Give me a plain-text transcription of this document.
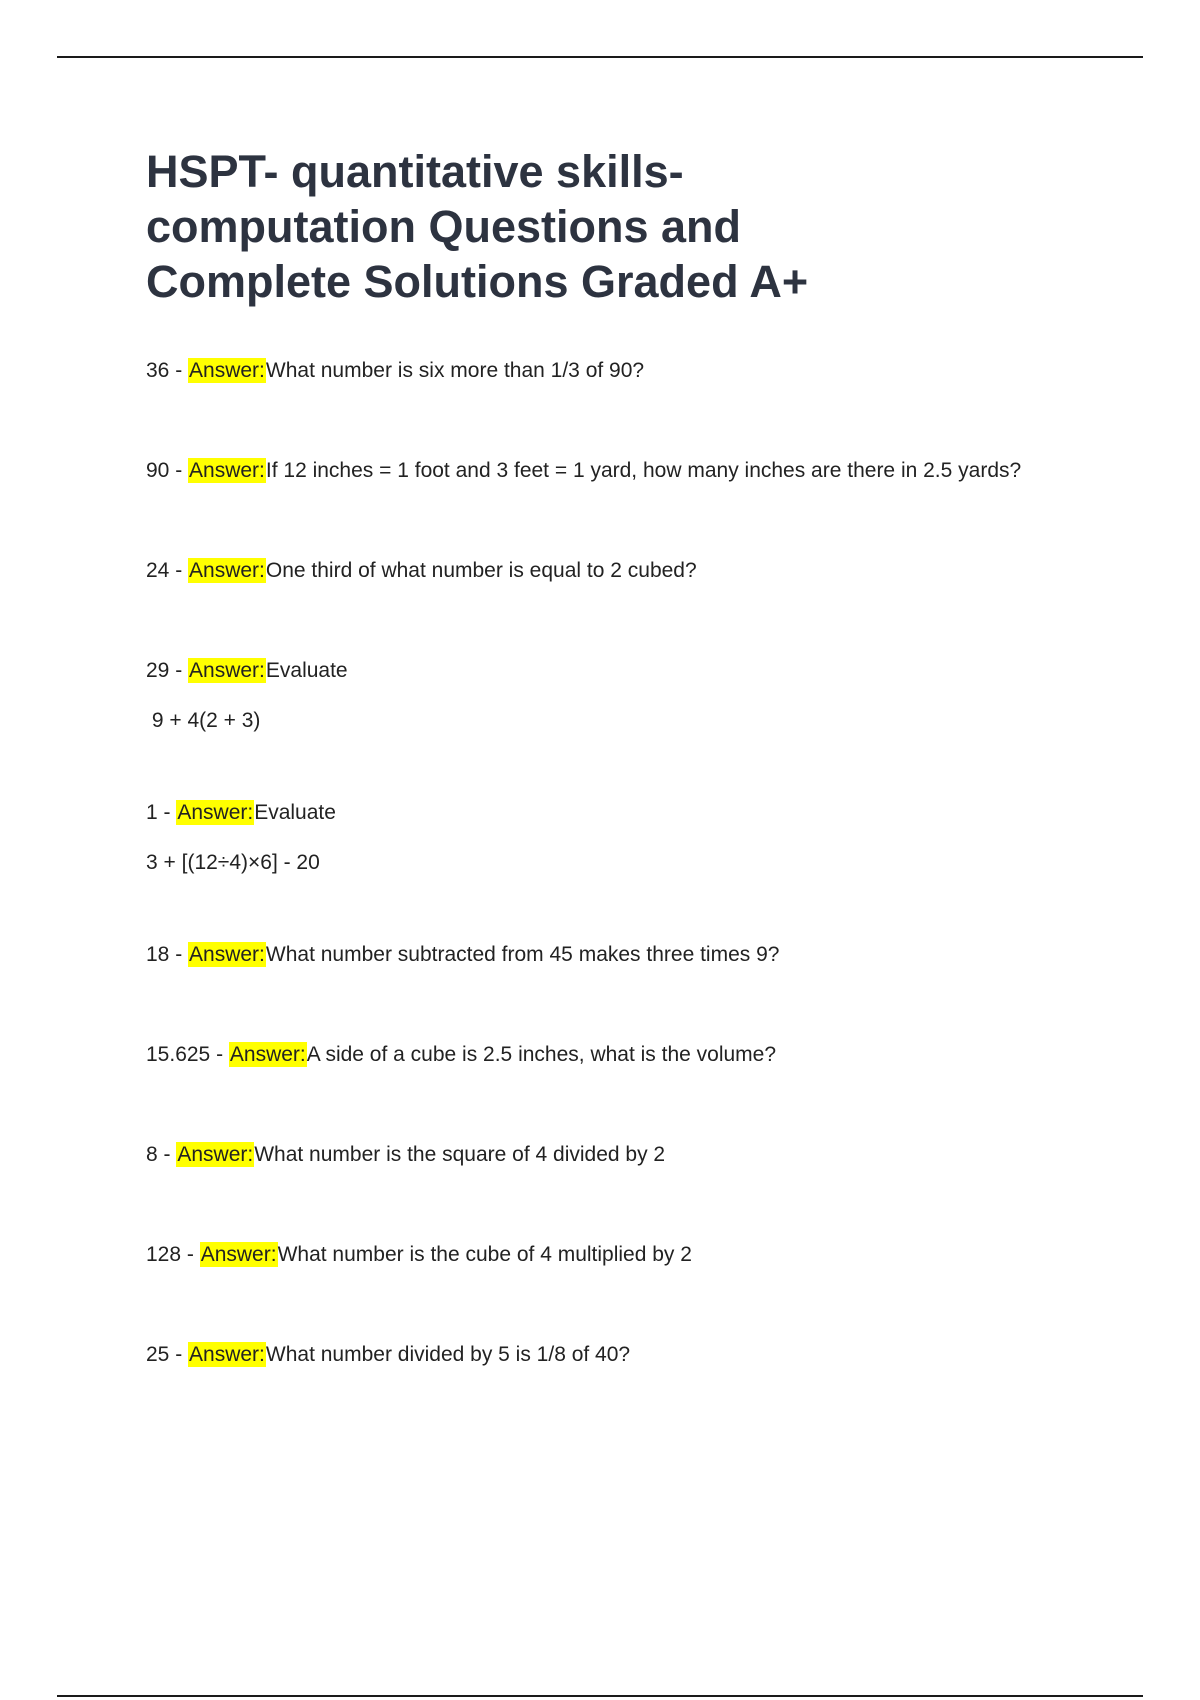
HSPT- quantitative skills- computation Questions and Complete Solutions Graded A+
36 - Answer:What number is six more than 1/3 of 90?
90 - Answer:If 12 inches = 1 foot and 3 feet = 1 yard, how many inches are there in 2.5 yards?
24 - Answer:One third of what number is equal to 2 cubed?
29 - Answer:Evaluate
9 + 4(2 + 3)
1 - Answer:Evaluate
3 + [(12÷4)×6] - 20
18 - Answer:What number subtracted from 45 makes three times 9?
15.625 - Answer:A side of a cube is 2.5 inches, what is the volume?
8 - Answer:What number is the square of 4 divided by 2
128 - Answer:What number is the cube of 4 multiplied by 2
25 - Answer:What number divided by 5 is 1/8 of 40?
